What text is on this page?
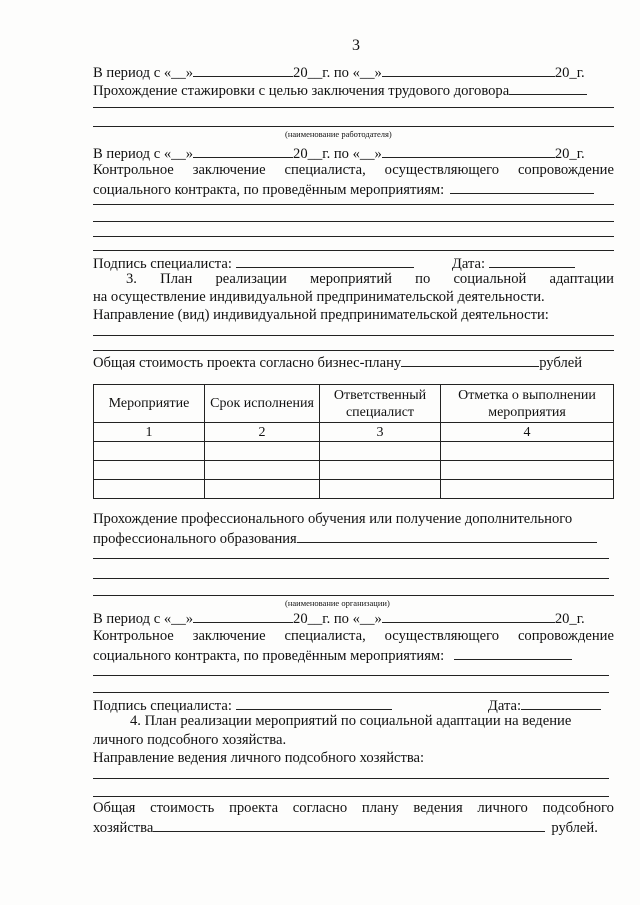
3
В период с «__»	20__г. по «__»	20_г.
Прохождение стажировки с целью заключения трудового договора
(наименование работодателя)
В период с «__»	20__г. по «__»	20_г.
Контрольное заключение специалиста, осуществляющего сопровождение
социального контракта, по проведённым мероприятиям:
Подпись специалиста:	Дата:
3. План реализации мероприятий по социальной адаптации
на осуществление индивидуальной предпринимательской деятельности.
Направление (вид) индивидуальной предпринимательской деятельности:
Общая стоимость проекта согласно бизнес-плану	рублей
Мероприятие	Срок исполнения	Ответственный специалист	Отметка о выполнении мероприятия
1	2	3	4

Прохождение профессионального обучения или получение дополнительного
профессионального образования
(наименование организации)
В период с «__»	20__г. по «__»	20_г.
Контрольное заключение специалиста, осуществляющего сопровождение
социального контракта, по проведённым мероприятиям:
Подпись специалиста:	Дата:
4. План реализации мероприятий по социальной адаптации на ведение
личного подсобного хозяйства.
Направление ведения личного подсобного хозяйства:
Общая стоимость проекта согласно плану ведения личного подсобного
хозяйства	рублей.
